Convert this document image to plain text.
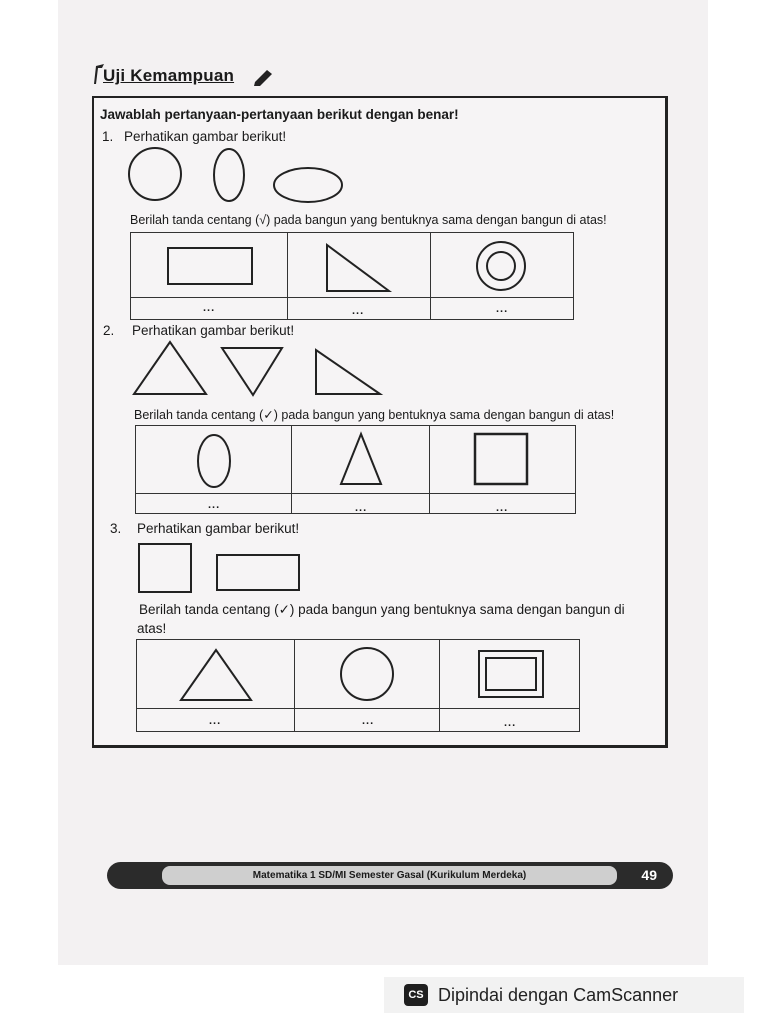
Uji Kemampuan
Jawablah pertanyaan-pertanyaan berikut dengan benar!
1. Perhatikan gambar berikut!
Berilah tanda centang (√) pada bangun yang bentuknya sama dengan bangun di atas!
...	...	...
2. Perhatikan gambar berikut!
Berilah tanda centang (✓) pada bangun yang bentuknya sama dengan bangun di atas!
...	...	...
3. Perhatikan gambar berikut!
Berilah tanda centang (✓) pada bangun yang bentuknya sama dengan bangun di
atas!
...	...	...
Matematika 1 SD/MI Semester Gasal (Kurikulum Merdeka)	49
CS Dipindai dengan CamScanner
